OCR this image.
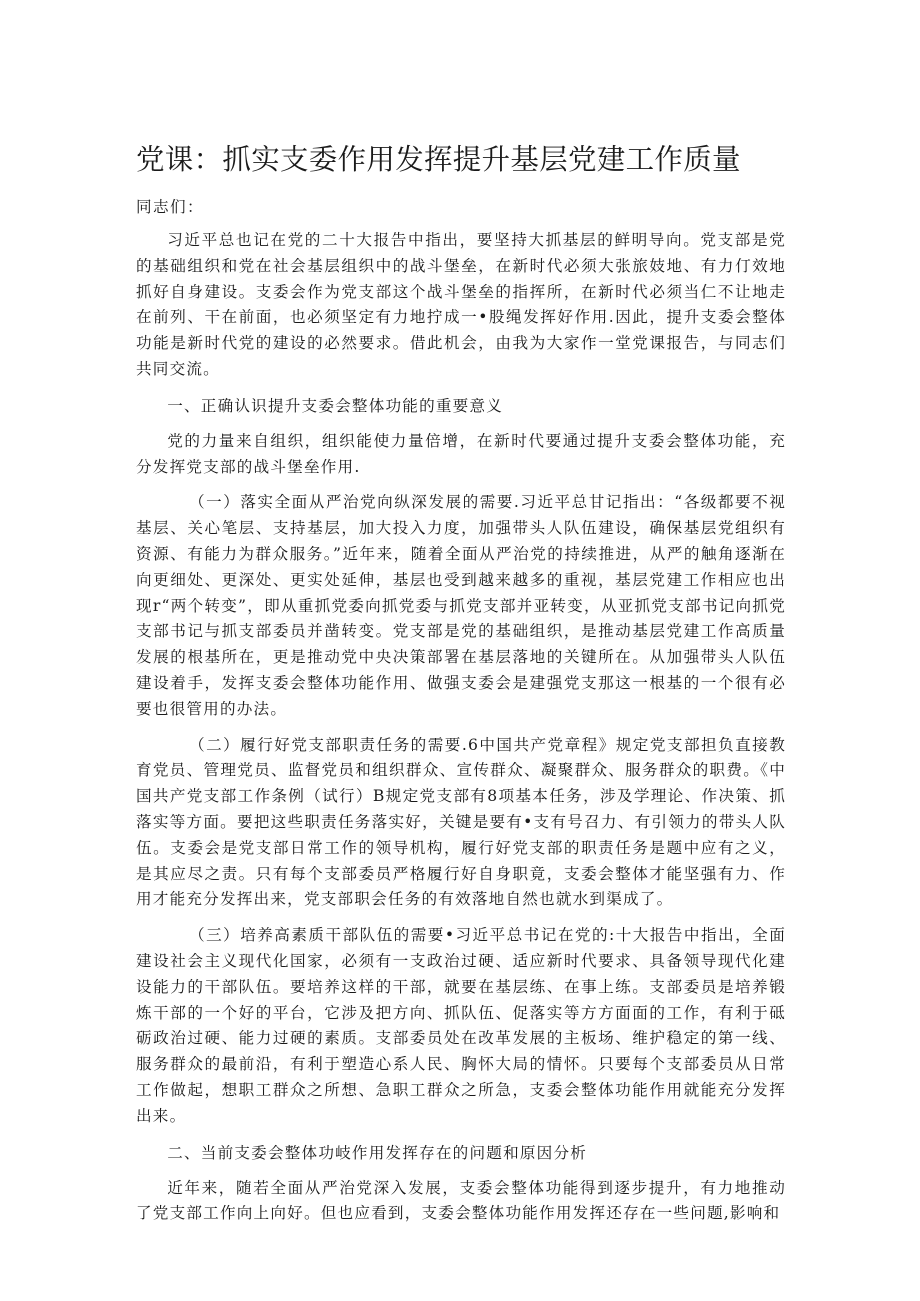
党课：抓实支委作用发挥提升基层党建工作质量

同志们：

习近平总也记在党的二十大报告中指出，要坚持大抓基层的鲜明导向。党支部是党的基础组织和党在社会基层组织中的战斗堡垒，在新时代必须大张旅妓地、有力仃效地抓好自身建设。支委会作为党支部这个战斗堡垒的指挥所，在新时代必须当仁不让地走在前列、干在前面，也必须坚定有力地拧成一•股绳发挥好作用.因此，提升支委会整体功能是新时代党的建设的必然要求。借此机会，由我为大家作一堂党课报告，与同志们共同交流。

一、正确认识提升支委会整体功能的重要意义

党的力量来自组织，组织能使力量倍增，在新时代要通过提升支委会整体功能，充分发挥党支部的战斗堡垒作用.

（一）落实全面从严治党向纵深发展的需要.习近平总甘记指出：“各级都要不视基层、关心笔层、支持基层，加大投入力度，加强带头人队伍建设，确保基层党组织有资源、有能力为群众服务。”近年来，随着全面从严治党的持续推进，从严的触角逐渐在向更细处、更深处、更实处延伸，基层也受到越来越多的重视，基层党建工作相应也出现r“两个转变”，即从重抓党委向抓党委与抓党支部并亚转变，从亚抓党支部书记向抓党支部书记与抓支部委员并凿转变。党支部是党的基础组织，是推动基层党建工作高质量发展的根基所在，更是推动党中央决策部署在基层落地的关键所在。从加强带头人队伍建设着手，发挥支委会整体功能作用、做强支委会是建强党支那这一根基的一个很有必要也很管用的办法。

（二）履行好党支部职责任务的需要.6中国共产党章程》规定党支部担负直接教育党员、管理党员、监督党员和组织群众、宣传群众、凝聚群众、服务群众的职费。《中国共产党支部工作条例（试行）B规定党支部有8项基本任务，涉及学理论、作决策、抓落实等方面。要把这些职责任务落实好，关键是要有•支有号召力、有引领力的带头人队伍。支委会是党支部日常工作的领导机构，履行好党支部的职责任务是题中应有之义，是其应尽之责。只有每个支部委员严格履行好自身职竟，支委会整体才能坚强有力、作用才能充分发挥出来，党支部职会任务的有效落地自然也就水到渠成了。

（三）培养高素质干部队伍的需要•习近平总书记在党的:十大报告中指出，全面建设社会主义现代化国家，必须有一支政治过硬、适应新时代要求、具备领导现代化建设能力的干部队伍。要培养这样的干部，就要在基层练、在事上练。支部委员是培养锻炼干部的一个好的平台，它涉及把方向、抓队伍、促落实等方方面面的工作，有利于砥砺政治过硬、能力过硬的素质。支部委员处在改革发展的主板场、维护稳定的第一线、服务群众的最前沿，有利于塑造心系人民、胸怀大局的情怀。只要每个支部委员从日常工作做起，想职工群众之所想、急职工群众之所急，支委会整体功能作用就能充分发挥出来。

二、当前支委会整体功岐作用发挥存在的问题和原因分析

近年来，随若全面从严治党深入发展，支委会整体功能得到逐步提升，有力地推动了党支部工作向上向好。但也应看到，支委会整体功能作用发挥还存在一些问题,影响和
